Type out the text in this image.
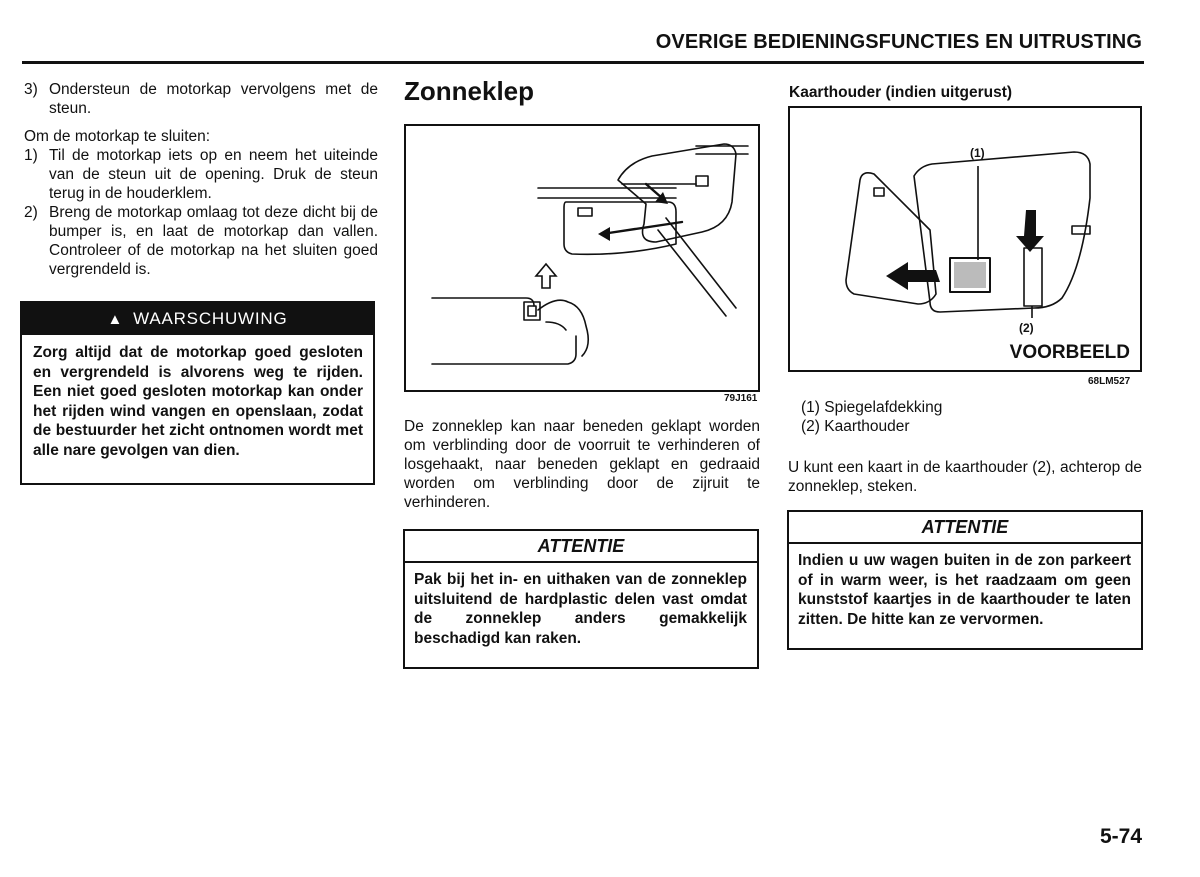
OVERIGE BEDIENINGSFUNCTIES EN UITRUSTING
3) Ondersteun de motorkap vervolgens met de steun.

Om de motorkap te sluiten:

1) Til de motorkap iets op en neem het uiteinde van de steun uit de opening. Druk de steun terug in de houderklem.
2) Breng de motorkap omlaag tot deze dicht bij de bumper is, en laat de motorkap dan vallen. Controleer of de motorkap na het sluiten goed vergrendeld is.
▲ WAARSCHUWING
Zorg altijd dat de motorkap goed gesloten en vergrendeld is alvorens weg te rijden. Een niet goed gesloten motorkap kan onder het rijden wind vangen en openslaan, zodat de bestuurder het zicht ontnomen wordt met alle nare gevolgen van dien.
Zonneklep
79J161

De zonneklep kan naar beneden geklapt worden om verblinding door de voorruit te verhinderen of losgehaakt, naar beneden geklapt en gedraaid worden om verblinding door de zijruit te verhinderen.

ATTENTIE
Pak bij het in- en uithaken van de zonneklep uitsluitend de hardplastic delen vast omdat de zonneklep anders gemakkelijk beschadigd kan raken.
Kaarthouder (indien uitgerust)
(1)
(2)
VOORBEELD
68LM527

(1) Spiegelafdekking

(2) Kaarthouder

U kunt een kaart in de kaarthouder (2), achterop de zonneklep, steken.

ATTENTIE
Indien u uw wagen buiten in de zon parkeert of in warm weer, is het raadzaam om geen kunststof kaartjes in de kaarthouder te laten zitten. De hitte kan ze vervormen.
5-74
